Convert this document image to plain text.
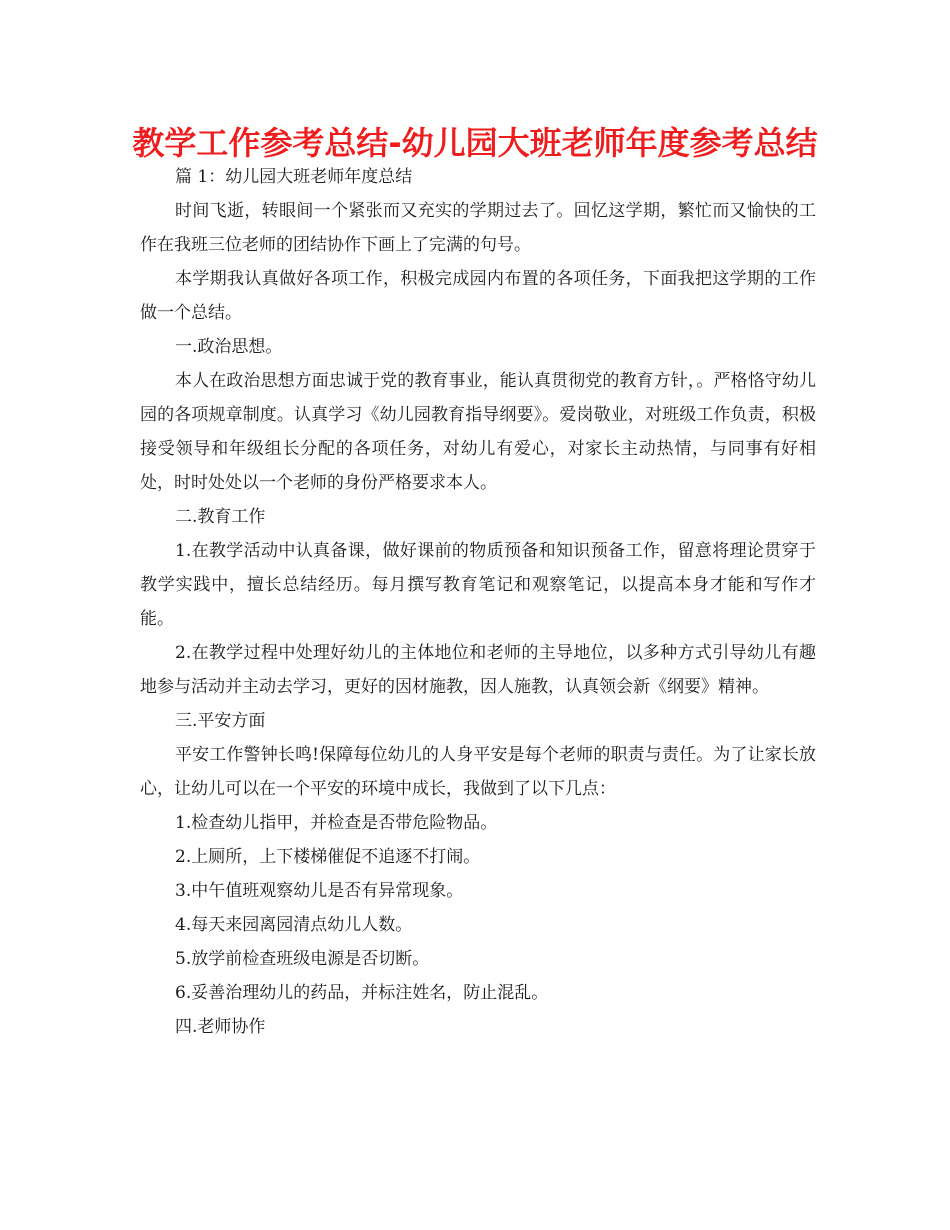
教学工作参考总结-幼儿园大班老师年度参考总结

篇 1：幼儿园大班老师年度总结

时间飞逝，转眼间一个紧张而又充实的学期过去了。回忆这学期，繁忙而又愉快的工作在我班三位老师的团结协作下画上了完满的句号。

本学期我认真做好各项工作，积极完成园内布置的各项任务，下面我把这学期的工作做一个总结。

一.政治思想。

本人在政治思想方面忠诚于党的教育事业，能认真贯彻党的教育方针，。严格恪守幼儿园的各项规章制度。认真学习《幼儿园教育指导纲要》。爱岗敬业，对班级工作负责，积极接受领导和年级组长分配的各项任务，对幼儿有爱心，对家长主动热情，与同事有好相处，时时处处以一个老师的身份严格要求本人。

二.教育工作

1.在教学活动中认真备课，做好课前的物质预备和知识预备工作，留意将理论贯穿于教学实践中，擅长总结经历。每月撰写教育笔记和观察笔记，以提高本身才能和写作才能。

2.在教学过程中处理好幼儿的主体地位和老师的主导地位，以多种方式引导幼儿有趣地参与活动并主动去学习，更好的因材施教，因人施教，认真领会新《纲要》精神。

三.平安方面

平安工作警钟长鸣!保障每位幼儿的人身平安是每个老师的职责与责任。为了让家长放心，让幼儿可以在一个平安的环境中成长，我做到了以下几点：

1.检查幼儿指甲，并检查是否带危险物品。

2.上厕所，上下楼梯催促不追逐不打闹。

3.中午值班观察幼儿是否有异常现象。

4.每天来园离园清点幼儿人数。

5.放学前检查班级电源是否切断。

6.妥善治理幼儿的药品，并标注姓名，防止混乱。

四.老师协作
